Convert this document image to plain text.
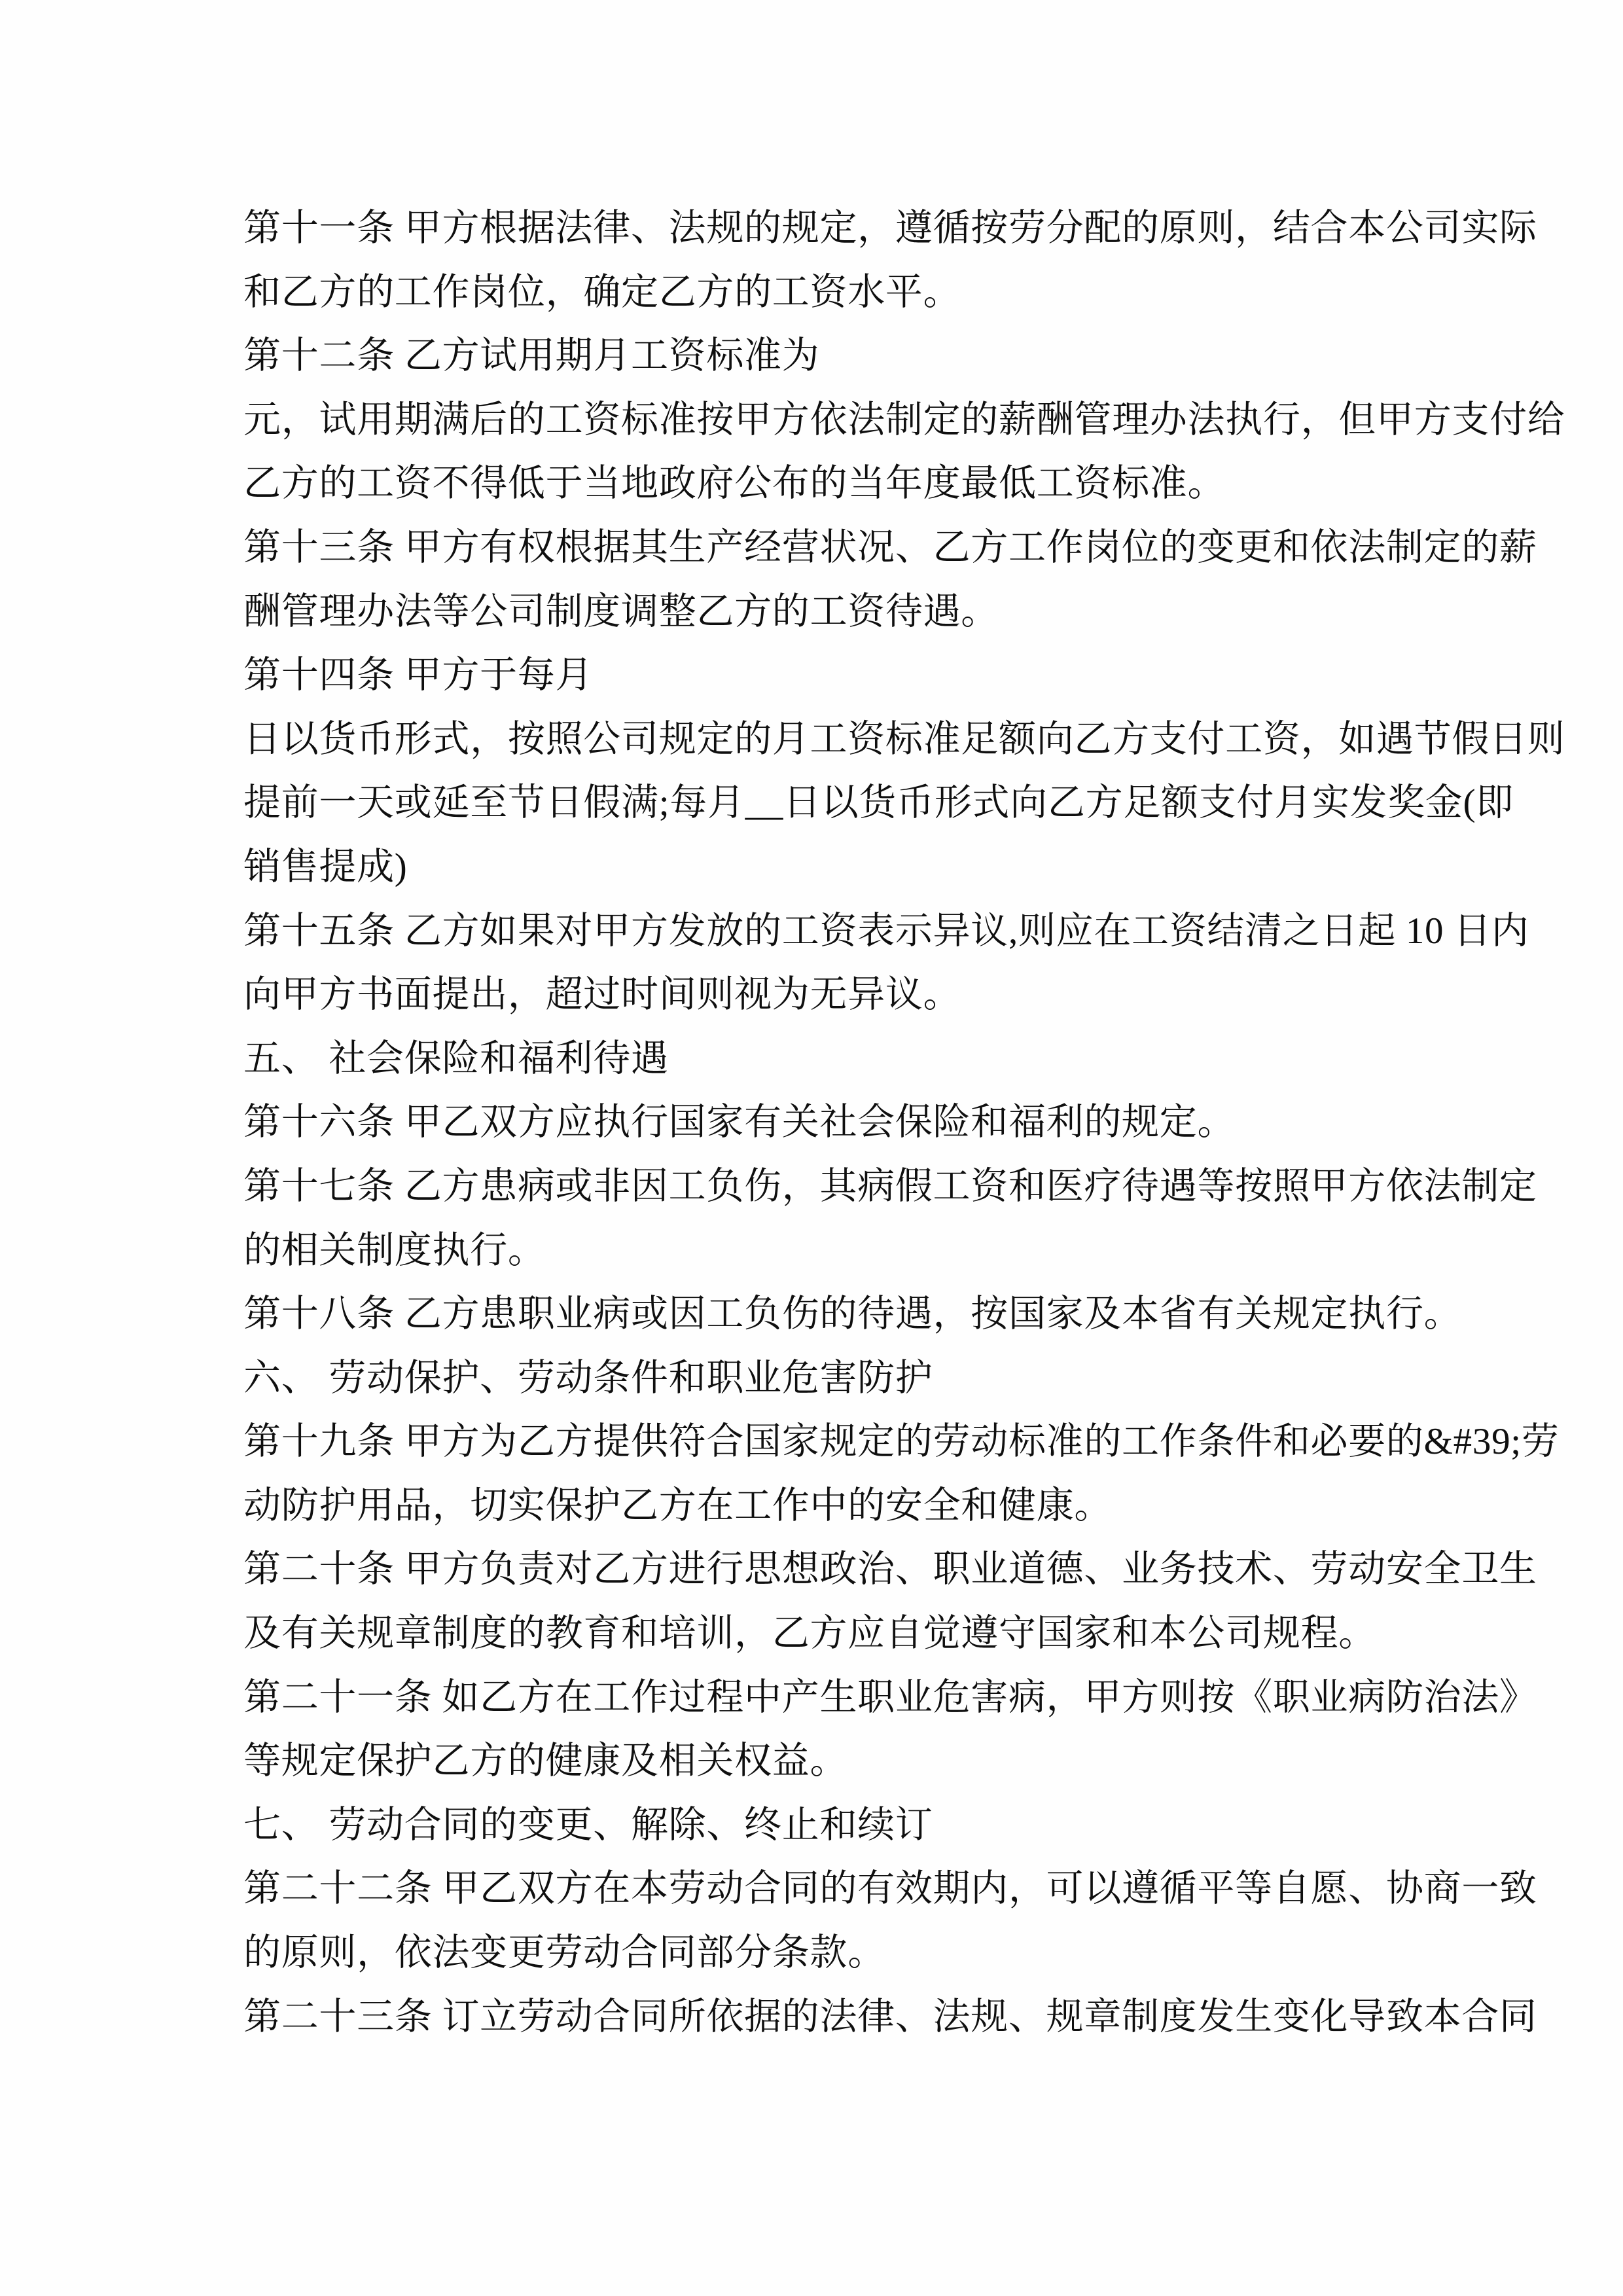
第十一条 甲方根据法律、法规的规定，遵循按劳分配的原则，结合本公司实际
和乙方的工作岗位，确定乙方的工资水平。
第十二条 乙方试用期月工资标准为
元，试用期满后的工资标准按甲方依法制定的薪酬管理办法执行，但甲方支付给
乙方的工资不得低于当地政府公布的当年度最低工资标准。
第十三条 甲方有权根据其生产经营状况、乙方工作岗位的变更和依法制定的薪
酬管理办法等公司制度调整乙方的工资待遇。
第十四条 甲方于每月
日以货币形式，按照公司规定的月工资标准足额向乙方支付工资，如遇节假日则
提前一天或延至节日假满;每月__日以货币形式向乙方足额支付月实发奖金(即
销售提成)
第十五条 乙方如果对甲方发放的工资表示异议,则应在工资结清之日起 10 日内
向甲方书面提出，超过时间则视为无异议。
五、 社会保险和福利待遇
第十六条 甲乙双方应执行国家有关社会保险和福利的规定。
第十七条 乙方患病或非因工负伤，其病假工资和医疗待遇等按照甲方依法制定
的相关制度执行。
第十八条 乙方患职业病或因工负伤的待遇，按国家及本省有关规定执行。
六、 劳动保护、劳动条件和职业危害防护
第十九条 甲方为乙方提供符合国家规定的劳动标准的工作条件和必要的&#39;劳
动防护用品，切实保护乙方在工作中的安全和健康。
第二十条 甲方负责对乙方进行思想政治、职业道德、业务技术、劳动安全卫生
及有关规章制度的教育和培训，乙方应自觉遵守国家和本公司规程。
第二十一条 如乙方在工作过程中产生职业危害病，甲方则按《职业病防治法》
等规定保护乙方的健康及相关权益。
七、 劳动合同的变更、解除、终止和续订
第二十二条 甲乙双方在本劳动合同的有效期内，可以遵循平等自愿、协商一致
的原则，依法变更劳动合同部分条款。
第二十三条 订立劳动合同所依据的法律、法规、规章制度发生变化导致本合同
